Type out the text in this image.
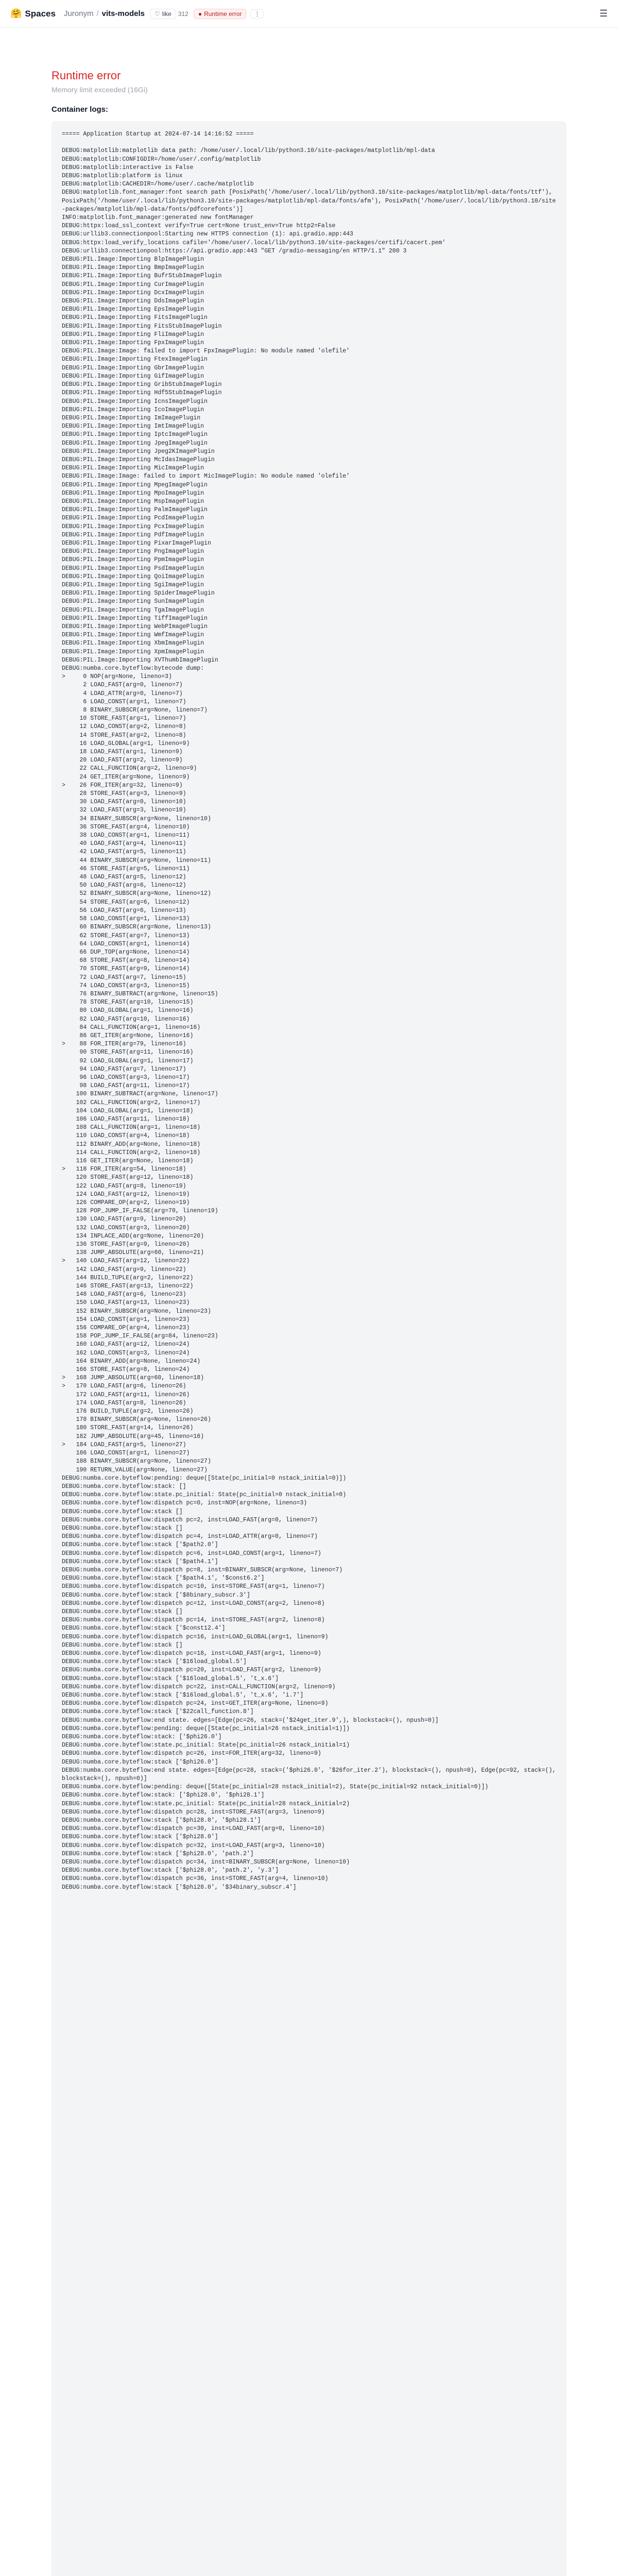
🤗 Spaces Juronym / vits-models ♡ like 312 ● Runtime error	⋮	☰
Runtime error
Memory limit exceeded (16Gi)
Container logs:
===== Application Startup at 2024-07-14 14:16:52 =====

DEBUG:matplotlib:matplotlib data path: /home/user/.local/lib/python3.10/site-packages/matplotlib/mpl-data
DEBUG:matplotlib:CONFIGDIR=/home/user/.config/matplotlib
DEBUG:matplotlib:interactive is False
DEBUG:matplotlib:platform is linux
DEBUG:matplotlib:CACHEDIR=/home/user/.cache/matplotlib
DEBUG:matplotlib.font_manager:font search path [PosixPath('/home/user/.local/lib/python3.10/site-packages/matplotlib/mpl-data/fonts/ttf'), PosixPath('/home/user/.local/lib/python3.10/site-packages/matplotlib/mpl-data/fonts/afm'), PosixPath('/home/user/.local/lib/python3.10/site-packages/matplotlib/mpl-data/fonts/pdfcorefonts')]
INFO:matplotlib.font_manager:generated new fontManager
DEBUG:httpx:load_ssl_context verify=True cert=None trust_env=True http2=False
DEBUG:urllib3.connectionpool:Starting new HTTPS connection (1): api.gradio.app:443
DEBUG:httpx:load_verify_locations cafile='/home/user/.local/lib/python3.10/site-packages/certifi/cacert.pem'
DEBUG:urllib3.connectionpool:https://api.gradio.app:443 "GET /gradio-messaging/en HTTP/1.1" 200 3
DEBUG:PIL.Image:Importing BlpImagePlugin
DEBUG:PIL.Image:Importing BmpImagePlugin
DEBUG:PIL.Image:Importing BufrStubImagePlugin
DEBUG:PIL.Image:Importing CurImagePlugin
DEBUG:PIL.Image:Importing DcxImagePlugin
DEBUG:PIL.Image:Importing DdsImagePlugin
DEBUG:PIL.Image:Importing EpsImagePlugin
DEBUG:PIL.Image:Importing FitsImagePlugin
DEBUG:PIL.Image:Importing FitsStubImagePlugin
DEBUG:PIL.Image:Importing FliImagePlugin
DEBUG:PIL.Image:Importing FpxImagePlugin
DEBUG:PIL.Image:Image: failed to import FpxImagePlugin: No module named 'olefile'
DEBUG:PIL.Image:Importing FtexImagePlugin
DEBUG:PIL.Image:Importing GbrImagePlugin
DEBUG:PIL.Image:Importing GifImagePlugin
DEBUG:PIL.Image:Importing GribStubImagePlugin
DEBUG:PIL.Image:Importing Hdf5StubImagePlugin
DEBUG:PIL.Image:Importing IcnsImagePlugin
DEBUG:PIL.Image:Importing IcoImagePlugin
DEBUG:PIL.Image:Importing ImImagePlugin
DEBUG:PIL.Image:Importing ImtImagePlugin
DEBUG:PIL.Image:Importing IptcImagePlugin
DEBUG:PIL.Image:Importing JpegImagePlugin
DEBUG:PIL.Image:Importing Jpeg2KImagePlugin
DEBUG:PIL.Image:Importing McIdasImagePlugin
DEBUG:PIL.Image:Importing MicImagePlugin
DEBUG:PIL.Image:Image: failed to import MicImagePlugin: No module named 'olefile'
DEBUG:PIL.Image:Importing MpegImagePlugin
DEBUG:PIL.Image:Importing MpoImagePlugin
DEBUG:PIL.Image:Importing MspImagePlugin
DEBUG:PIL.Image:Importing PalmImagePlugin
DEBUG:PIL.Image:Importing PcdImagePlugin
DEBUG:PIL.Image:Importing PcxImagePlugin
DEBUG:PIL.Image:Importing PdfImagePlugin
DEBUG:PIL.Image:Importing PixarImagePlugin
DEBUG:PIL.Image:Importing PngImagePlugin
DEBUG:PIL.Image:Importing PpmImagePlugin
DEBUG:PIL.Image:Importing PsdImagePlugin
DEBUG:PIL.Image:Importing QoiImagePlugin
DEBUG:PIL.Image:Importing SgiImagePlugin
DEBUG:PIL.Image:Importing SpiderImagePlugin
DEBUG:PIL.Image:Importing SunImagePlugin
DEBUG:PIL.Image:Importing TgaImagePlugin
DEBUG:PIL.Image:Importing TiffImagePlugin
DEBUG:PIL.Image:Importing WebPImagePlugin
DEBUG:PIL.Image:Importing WmfImagePlugin
DEBUG:PIL.Image:Importing XbmImagePlugin
DEBUG:PIL.Image:Importing XpmImagePlugin
DEBUG:PIL.Image:Importing XVThumbImagePlugin
DEBUG:numba.core.byteflow:bytecode dump:
>     0	NOP(arg=None, lineno=3)
2	LOAD_FAST(arg=0, lineno=7)
4	LOAD_ATTR(arg=0, lineno=7)
6	LOAD_CONST(arg=1, lineno=7)
8	BINARY_SUBSCR(arg=None, lineno=7)
10	STORE_FAST(arg=1, lineno=7)
12	LOAD_CONST(arg=2, lineno=8)
14	STORE_FAST(arg=2, lineno=8)
16	LOAD_GLOBAL(arg=1, lineno=9)
18	LOAD_FAST(arg=1, lineno=9)
20	LOAD_FAST(arg=2, lineno=9)
22	CALL_FUNCTION(arg=2, lineno=9)
24	GET_ITER(arg=None, lineno=9)
>    26	FOR_ITER(arg=32, lineno=9)
28	STORE_FAST(arg=3, lineno=9)
30	LOAD_FAST(arg=0, lineno=10)
32	LOAD_FAST(arg=3, lineno=10)
34	BINARY_SUBSCR(arg=None, lineno=10)
36	STORE_FAST(arg=4, lineno=10)
38	LOAD_CONST(arg=1, lineno=11)
40	LOAD_FAST(arg=4, lineno=11)
42	LOAD_FAST(arg=5, lineno=11)
44	BINARY_SUBSCR(arg=None, lineno=11)
46	STORE_FAST(arg=5, lineno=11)
48	LOAD_FAST(arg=5, lineno=12)
50	LOAD_FAST(arg=6, lineno=12)
52	BINARY_SUBSCR(arg=None, lineno=12)
54	STORE_FAST(arg=6, lineno=12)
56	LOAD_FAST(arg=6, lineno=13)
58	LOAD_CONST(arg=1, lineno=13)
60	BINARY_SUBSCR(arg=None, lineno=13)
62	STORE_FAST(arg=7, lineno=13)
64	LOAD_CONST(arg=1, lineno=14)
66	DUP_TOP(arg=None, lineno=14)
68	STORE_FAST(arg=8, lineno=14)
70	STORE_FAST(arg=9, lineno=14)
72	LOAD_FAST(arg=7, lineno=15)
74	LOAD_CONST(arg=3, lineno=15)
76	BINARY_SUBTRACT(arg=None, lineno=15)
78	STORE_FAST(arg=10, lineno=15)
80	LOAD_GLOBAL(arg=1, lineno=16)
82	LOAD_FAST(arg=10, lineno=16)
84	CALL_FUNCTION(arg=1, lineno=16)
86	GET_ITER(arg=None, lineno=16)
>    88	FOR_ITER(arg=79, lineno=16)
90	STORE_FAST(arg=11, lineno=16)
92	LOAD_GLOBAL(arg=1, lineno=17)
94	LOAD_FAST(arg=7, lineno=17)
96	LOAD_CONST(arg=3, lineno=17)
98	LOAD_FAST(arg=11, lineno=17)
100	BINARY_SUBTRACT(arg=None, lineno=17)
102	CALL_FUNCTION(arg=2, lineno=17)
104	LOAD_GLOBAL(arg=1, lineno=18)
106	LOAD_FAST(arg=11, lineno=18)
108	CALL_FUNCTION(arg=1, lineno=18)
110	LOAD_CONST(arg=4, lineno=18)
112	BINARY_ADD(arg=None, lineno=18)
114	CALL_FUNCTION(arg=2, lineno=18)
116	GET_ITER(arg=None, lineno=18)
>   118	FOR_ITER(arg=54, lineno=18)
120	STORE_FAST(arg=12, lineno=18)
122	LOAD_FAST(arg=8, lineno=19)
124	LOAD_FAST(arg=12, lineno=19)
126	COMPARE_OP(arg=2, lineno=19)
128	POP_JUMP_IF_FALSE(arg=70, lineno=19)
130	LOAD_FAST(arg=9, lineno=20)
132	LOAD_CONST(arg=3, lineno=20)
134	INPLACE_ADD(arg=None, lineno=20)
136	STORE_FAST(arg=9, lineno=20)
138	JUMP_ABSOLUTE(arg=60, lineno=21)
>   140	LOAD_FAST(arg=12, lineno=22)
142	LOAD_FAST(arg=9, lineno=22)
144	BUILD_TUPLE(arg=2, lineno=22)
146	STORE_FAST(arg=13, lineno=22)
148	LOAD_FAST(arg=6, lineno=23)
150	LOAD_FAST(arg=13, lineno=23)
152	BINARY_SUBSCR(arg=None, lineno=23)
154	LOAD_CONST(arg=1, lineno=23)
156	COMPARE_OP(arg=4, lineno=23)
158	POP_JUMP_IF_FALSE(arg=84, lineno=23)
160	LOAD_FAST(arg=12, lineno=24)
162	LOAD_CONST(arg=3, lineno=24)
164	BINARY_ADD(arg=None, lineno=24)
166	STORE_FAST(arg=8, lineno=24)
>   168	JUMP_ABSOLUTE(arg=60, lineno=18)
>   170	LOAD_FAST(arg=6, lineno=26)
172	LOAD_FAST(arg=11, lineno=26)
174	LOAD_FAST(arg=8, lineno=26)
176	BUILD_TUPLE(arg=2, lineno=26)
178	BINARY_SUBSCR(arg=None, lineno=26)
180	STORE_FAST(arg=14, lineno=26)
182	JUMP_ABSOLUTE(arg=45, lineno=16)
>   184	LOAD_FAST(arg=5, lineno=27)
186	LOAD_CONST(arg=1, lineno=27)
188	BINARY_SUBSCR(arg=None, lineno=27)
190	RETURN_VALUE(arg=None, lineno=27)
DEBUG:numba.core.byteflow:pending: deque([State(pc_initial=0 nstack_initial=0)])
DEBUG:numba.core.byteflow:stack: []
DEBUG:numba.core.byteflow:state.pc_initial: State(pc_initial=0 nstack_initial=0)
DEBUG:numba.core.byteflow:dispatch pc=0, inst=NOP(arg=None, lineno=3)
DEBUG:numba.core.byteflow:stack []
DEBUG:numba.core.byteflow:dispatch pc=2, inst=LOAD_FAST(arg=0, lineno=7)
DEBUG:numba.core.byteflow:stack []
DEBUG:numba.core.byteflow:dispatch pc=4, inst=LOAD_ATTR(arg=0, lineno=7)
DEBUG:numba.core.byteflow:stack ['$path2.0']
DEBUG:numba.core.byteflow:dispatch pc=6, inst=LOAD_CONST(arg=1, lineno=7)
DEBUG:numba.core.byteflow:stack ['$path4.1']
DEBUG:numba.core.byteflow:dispatch pc=8, inst=BINARY_SUBSCR(arg=None, lineno=7)
DEBUG:numba.core.byteflow:stack ['$path4.1', '$const6.2']
DEBUG:numba.core.byteflow:dispatch pc=10, inst=STORE_FAST(arg=1, lineno=7)
DEBUG:numba.core.byteflow:stack ['$8binary_subscr.3']
DEBUG:numba.core.byteflow:dispatch pc=12, inst=LOAD_CONST(arg=2, lineno=8)
DEBUG:numba.core.byteflow:stack []
DEBUG:numba.core.byteflow:dispatch pc=14, inst=STORE_FAST(arg=2, lineno=8)
DEBUG:numba.core.byteflow:stack ['$const12.4']
DEBUG:numba.core.byteflow:dispatch pc=16, inst=LOAD_GLOBAL(arg=1, lineno=9)
DEBUG:numba.core.byteflow:stack []
DEBUG:numba.core.byteflow:dispatch pc=18, inst=LOAD_FAST(arg=1, lineno=9)
DEBUG:numba.core.byteflow:stack ['$16load_global.5']
DEBUG:numba.core.byteflow:dispatch pc=20, inst=LOAD_FAST(arg=2, lineno=9)
DEBUG:numba.core.byteflow:stack ['$16load_global.5', 't_x.6']
DEBUG:numba.core.byteflow:dispatch pc=22, inst=CALL_FUNCTION(arg=2, lineno=9)
DEBUG:numba.core.byteflow:stack ['$16load_global.5', 't_x.6', 'i.7']
DEBUG:numba.core.byteflow:dispatch pc=24, inst=GET_ITER(arg=None, lineno=9)
DEBUG:numba.core.byteflow:stack ['$22call_function.8']
DEBUG:numba.core.byteflow:end state. edges=[Edge(pc=26, stack=('$24get_iter.9',), blockstack=(), npush=0)]
DEBUG:numba.core.byteflow:pending: deque([State(pc_initial=26 nstack_initial=1)])
DEBUG:numba.core.byteflow:stack: ['$phi26.0']
DEBUG:numba.core.byteflow:state.pc_initial: State(pc_initial=26 nstack_initial=1)
DEBUG:numba.core.byteflow:dispatch pc=26, inst=FOR_ITER(arg=32, lineno=9)
DEBUG:numba.core.byteflow:stack ['$phi26.0']
DEBUG:numba.core.byteflow:end state. edges=[Edge(pc=28, stack=('$phi26.0', '$26for_iter.2'), blockstack=(), npush=0), Edge(pc=92, stack=(), blockstack=(), npush=0)]
DEBUG:numba.core.byteflow:pending: deque([State(pc_initial=28 nstack_initial=2), State(pc_initial=92 nstack_initial=0)])
DEBUG:numba.core.byteflow:stack: ['$phi28.0', '$phi28.1']
DEBUG:numba.core.byteflow:state.pc_initial: State(pc_initial=28 nstack_initial=2)
DEBUG:numba.core.byteflow:dispatch pc=28, inst=STORE_FAST(arg=3, lineno=9)
DEBUG:numba.core.byteflow:stack ['$phi28.0', '$phi28.1']
DEBUG:numba.core.byteflow:dispatch pc=30, inst=LOAD_FAST(arg=0, lineno=10)
DEBUG:numba.core.byteflow:stack ['$phi28.0']
DEBUG:numba.core.byteflow:dispatch pc=32, inst=LOAD_FAST(arg=3, lineno=10)
DEBUG:numba.core.byteflow:stack ['$phi28.0', 'path.2']
DEBUG:numba.core.byteflow:dispatch pc=34, inst=BINARY_SUBSCR(arg=None, lineno=10)
DEBUG:numba.core.byteflow:stack ['$phi28.0', 'path.2', 'y.3']
DEBUG:numba.core.byteflow:dispatch pc=36, inst=STORE_FAST(arg=4, lineno=10)
DEBUG:numba.core.byteflow:stack ['$phi28.0', '$34binary_subscr.4']
